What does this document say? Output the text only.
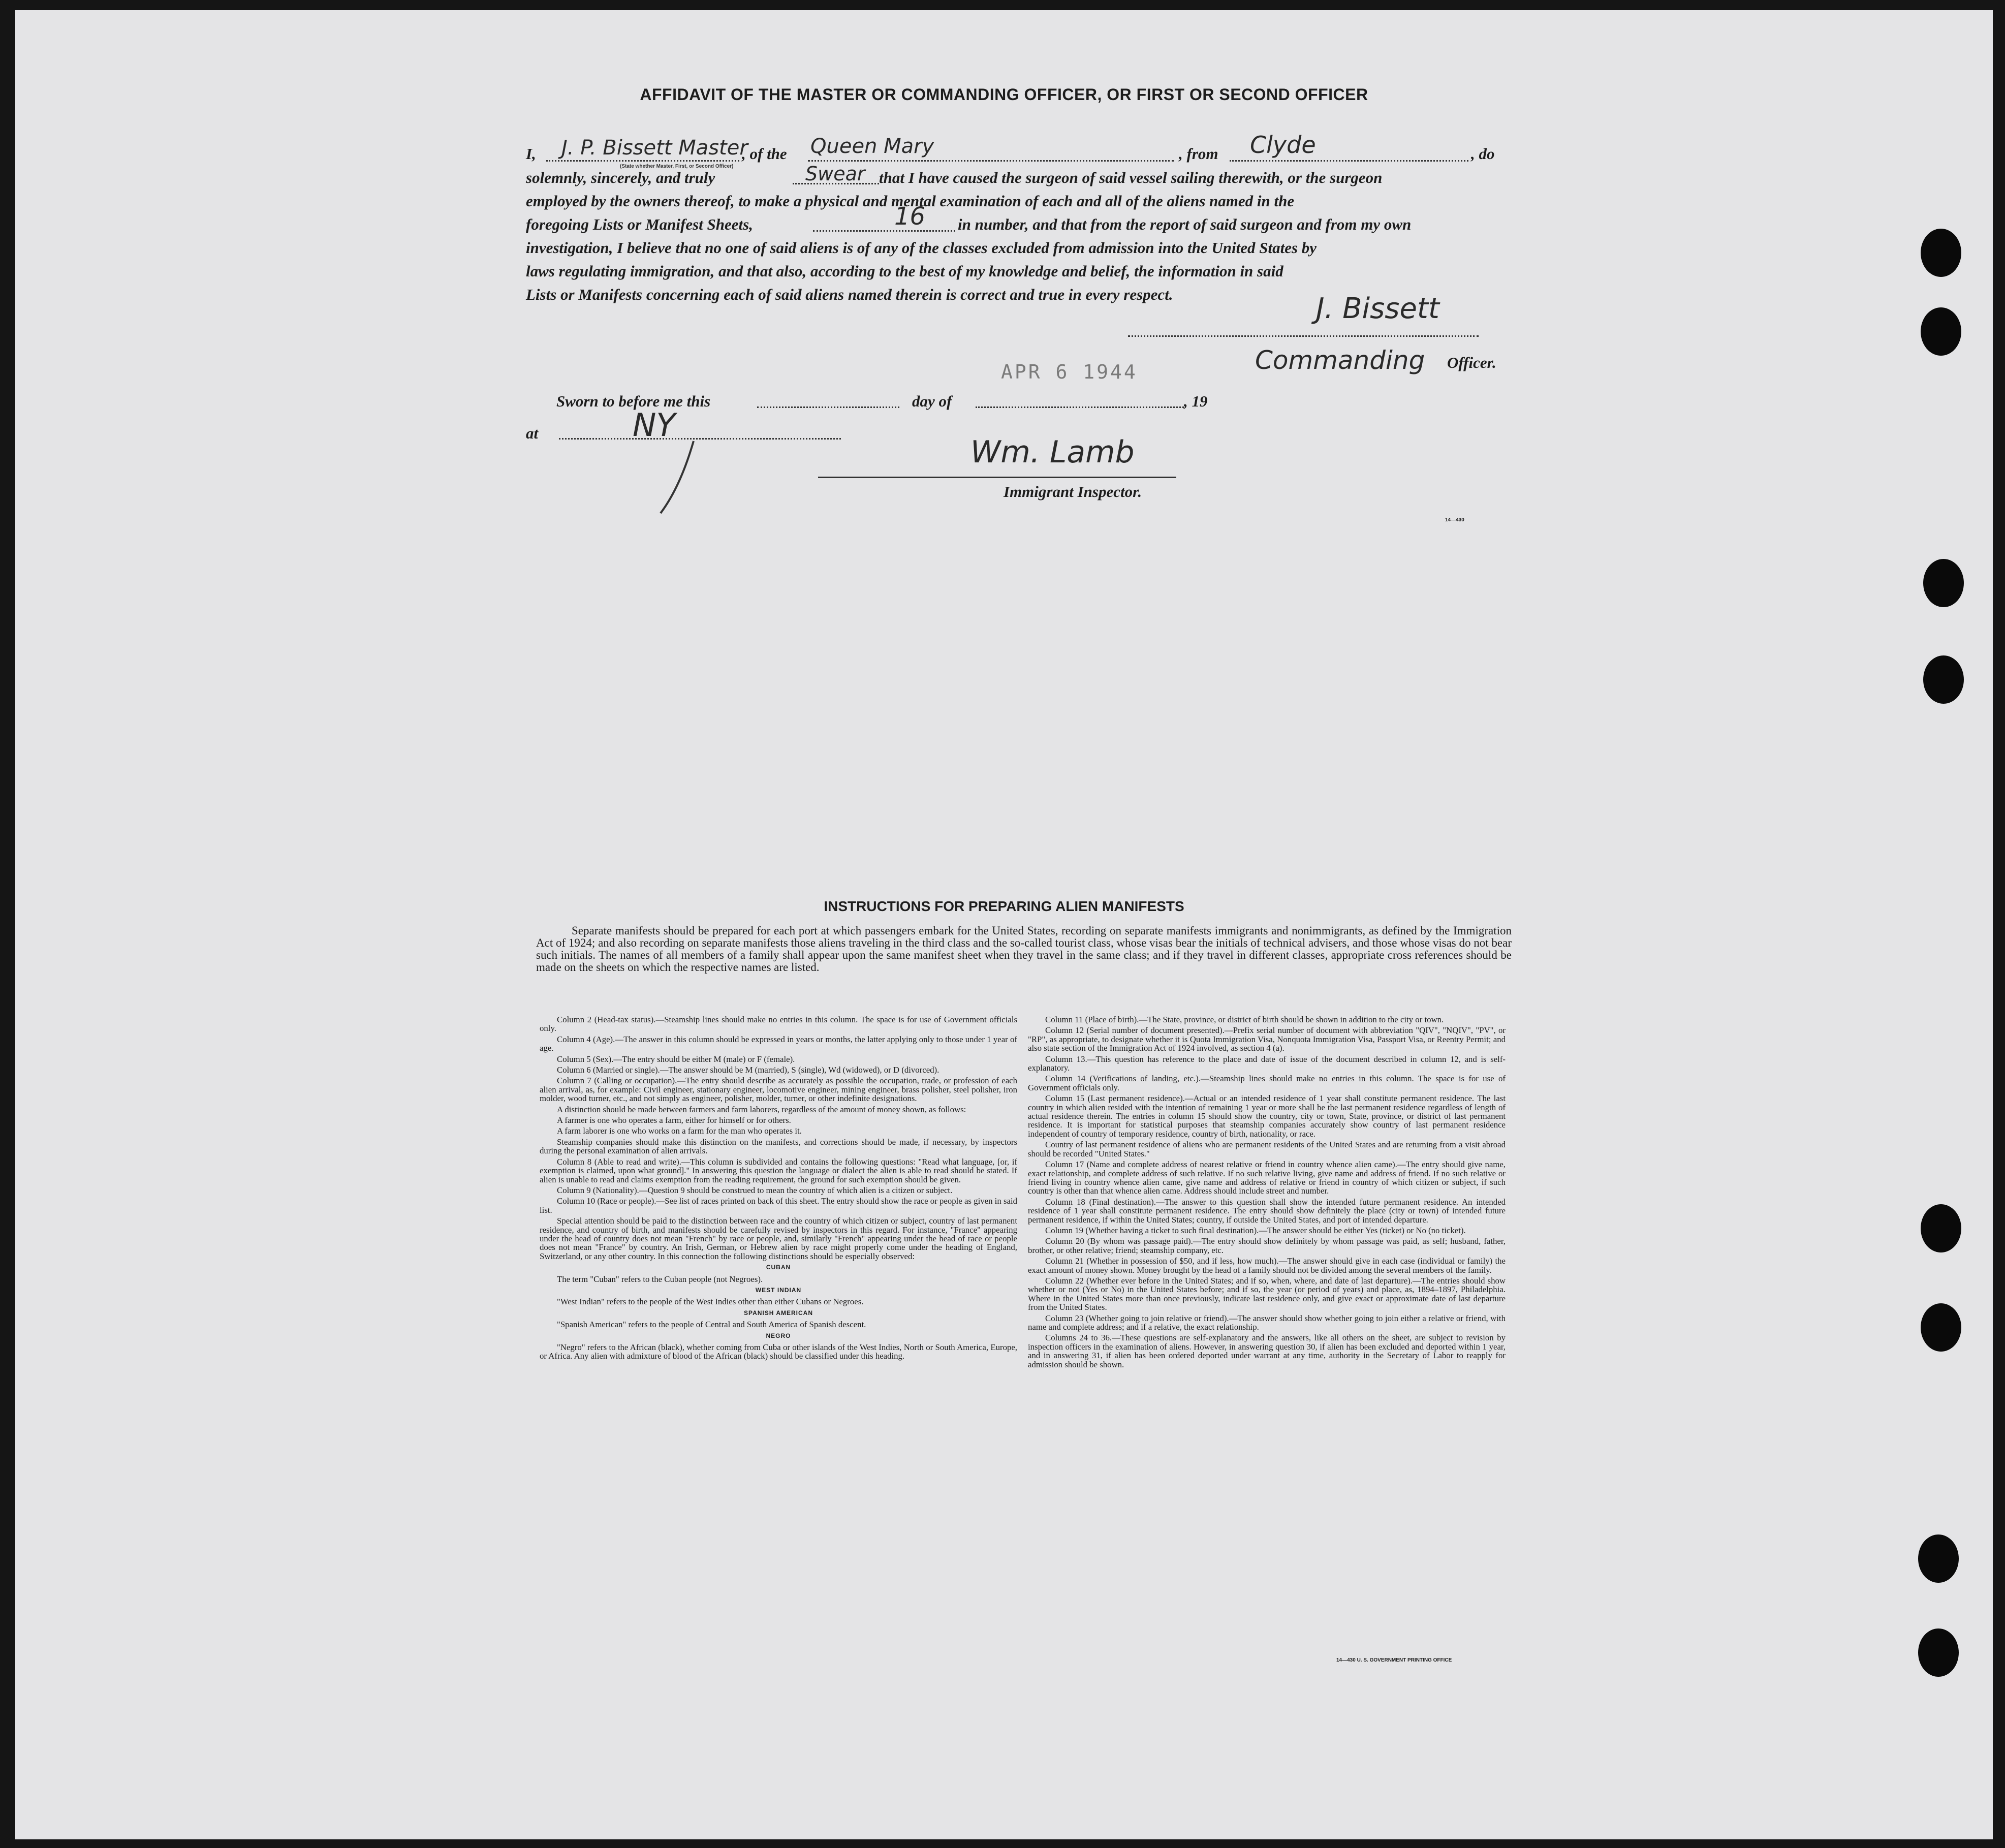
AFFIDAVIT OF THE MASTER OR COMMANDING OFFICER, OR FIRST OR SECOND OFFICER
I,	, of the	, from	, do
J. P. Bissett Master	Queen Mary	Clyde
(State whether Master, First, or Second Officer)
solemnly, sincerely, and truly	that I have caused the surgeon of said vessel sailing therewith, or the surgeon
Swear
employed by the owners thereof, to make a physical and mental examination of each and all of the aliens named in the
foregoing Lists or Manifest Sheets,	in number, and that from the report of said surgeon and from my own
16
investigation, I believe that no one of said aliens is of any of the classes excluded from admission into the United States by
laws regulating immigration, and that also, according to the best of my knowledge and belief, the information in said
Lists or Manifests concerning each of said aliens named therein is correct and true in every respect.	J. Bissett
Commanding Officer.
APR 6 1944
Sworn to before me this	day of	, 19
at	NY
Wm. Lamb
Immigrant Inspector.
14—430
INSTRUCTIONS FOR PREPARING ALIEN MANIFESTS
Separate manifests should be prepared for each port at which passengers embark for the United States, recording on separate manifests immigrants and nonimmigrants, as defined by the Immigration Act of 1924; and also recording on separate manifests those aliens traveling in the third class and the so-called tourist class, whose visas bear the initials of technical advisers, and those whose visas do not bear such initials. The names of all members of a family shall appear upon the same manifest sheet when they travel in the same class; and if they travel in different classes, appropriate cross references should be made on the sheets on which the respective names are listed.

Column 2 (Head-tax status).—Steamship lines should make no entries in this column. The space is for use of Government officials only.

Column 4 (Age).—The answer in this column should be expressed in years or months, the latter applying only to those under 1 year of age.

Column 5 (Sex).—The entry should be either M (male) or F (female).

Column 6 (Married or single).—The answer should be M (married), S (single), Wd (widowed), or D (divorced).

Column 7 (Calling or occupation).—The entry should describe as accurately as possible the occupation, trade, or profession of each alien arrival, as, for example: Civil engineer, stationary engineer, locomotive engineer, mining engineer, brass polisher, steel polisher, iron molder, wood turner, etc., and not simply as engineer, polisher, molder, turner, or other indefinite designations.

A distinction should be made between farmers and farm laborers, regardless of the amount of money shown, as follows:

A farmer is one who operates a farm, either for himself or for others.

A farm laborer is one who works on a farm for the man who operates it.

Steamship companies should make this distinction on the manifests, and corrections should be made, if necessary, by inspectors during the personal examination of alien arrivals.

Column 8 (Able to read and write).—This column is subdivided and contains the following questions: "Read what language, [or, if exemption is claimed, upon what ground]." In answering this question the language or dialect the alien is able to read should be stated. If alien is unable to read and claims exemption from the reading requirement, the ground for such exemption should be given.

Column 9 (Nationality).—Question 9 should be construed to mean the country of which alien is a citizen or subject.

Column 10 (Race or people).—See list of races printed on back of this sheet. The entry should show the race or people as given in said list.

Special attention should be paid to the distinction between race and the country of which citizen or subject, country of last permanent residence, and country of birth, and manifests should be carefully revised by inspectors in this regard. For instance, "France" appearing under the head of country does not mean "French" by race or people, and, similarly "French" appearing under the head of race or people does not mean "France" by country. An Irish, German, or Hebrew alien by race might properly come under the heading of England, Switzerland, or any other country. In this connection the following distinctions should be especially observed:

CUBAN

The term "Cuban" refers to the Cuban people (not Negroes).

WEST INDIAN

"West Indian" refers to the people of the West Indies other than either Cubans or Negroes.

SPANISH AMERICAN

"Spanish American" refers to the people of Central and South America of Spanish descent.

NEGRO

"Negro" refers to the African (black), whether coming from Cuba or other islands of the West Indies, North or South America, Europe, or Africa. Any alien with admixture of blood of the African (black) should be classified under this heading.

Column 11 (Place of birth).—The State, province, or district of birth should be shown in addition to the city or town.

Column 12 (Serial number of document presented).—Prefix serial number of document with abbreviation "QIV", "NQIV", "PV", or "RP", as appropriate, to designate whether it is Quota Immigration Visa, Nonquota Immigration Visa, Passport Visa, or Reentry Permit; and also state section of the Immigration Act of 1924 involved, as section 4 (a).

Column 13.—This question has reference to the place and date of issue of the document described in column 12, and is self-explanatory.

Column 14 (Verifications of landing, etc.).—Steamship lines should make no entries in this column. The space is for use of Government officials only.

Column 15 (Last permanent residence).—Actual or an intended residence of 1 year shall constitute permanent residence. The last country in which alien resided with the intention of remaining 1 year or more shall be the last permanent residence regardless of length of actual residence therein. The entries in column 15 should show the country, city or town, State, province, or district of last permanent residence. It is important for statistical purposes that steamship companies accurately show country of last permanent residence independent of country of temporary residence, country of birth, nationality, or race.

Country of last permanent residence of aliens who are permanent residents of the United States and are returning from a visit abroad should be recorded "United States."

Column 17 (Name and complete address of nearest relative or friend in country whence alien came).—The entry should give name, exact relationship, and complete address of such relative. If no such relative living, give name and address of friend. If no such relative or friend living in country whence alien came, give name and address of relative or friend in country of which citizen or subject, if such country is other than that whence alien came. Address should include street and number.

Column 18 (Final destination).—The answer to this question shall show the intended future permanent residence. An intended residence of 1 year shall constitute permanent residence. The entry should show definitely the place (city or town) of intended future permanent residence, if within the United States; country, if outside the United States, and port of intended departure.

Column 19 (Whether having a ticket to such final destination).—The answer should be either Yes (ticket) or No (no ticket).

Column 20 (By whom was passage paid).—The entry should show definitely by whom passage was paid, as self; husband, father, brother, or other relative; friend; steamship company, etc.

Column 21 (Whether in possession of $50, and if less, how much).—The answer should give in each case (individual or family) the exact amount of money shown. Money brought by the head of a family should not be divided among the several members of the family.

Column 22 (Whether ever before in the United States; and if so, when, where, and date of last departure).—The entries should show whether or not (Yes or No) in the United States before; and if so, the year (or period of years) and place, as, 1894–1897, Philadelphia. Where in the United States more than once previously, indicate last residence only, and give exact or approximate date of last departure from the United States.

Column 23 (Whether going to join relative or friend).—The answer should show whether going to join either a relative or friend, with name and complete address; and if a relative, the exact relationship.

Columns 24 to 36.—These questions are self-explanatory and the answers, like all others on the sheet, are subject to revision by inspection officers in the examination of aliens. However, in answering question 30, if alien has been excluded and deported within 1 year, and in answering 31, if alien has been ordered deported under warrant at any time, authority in the Secretary of Labor to reapply for admission should be shown.

14—430 U. S. GOVERNMENT PRINTING OFFICE
